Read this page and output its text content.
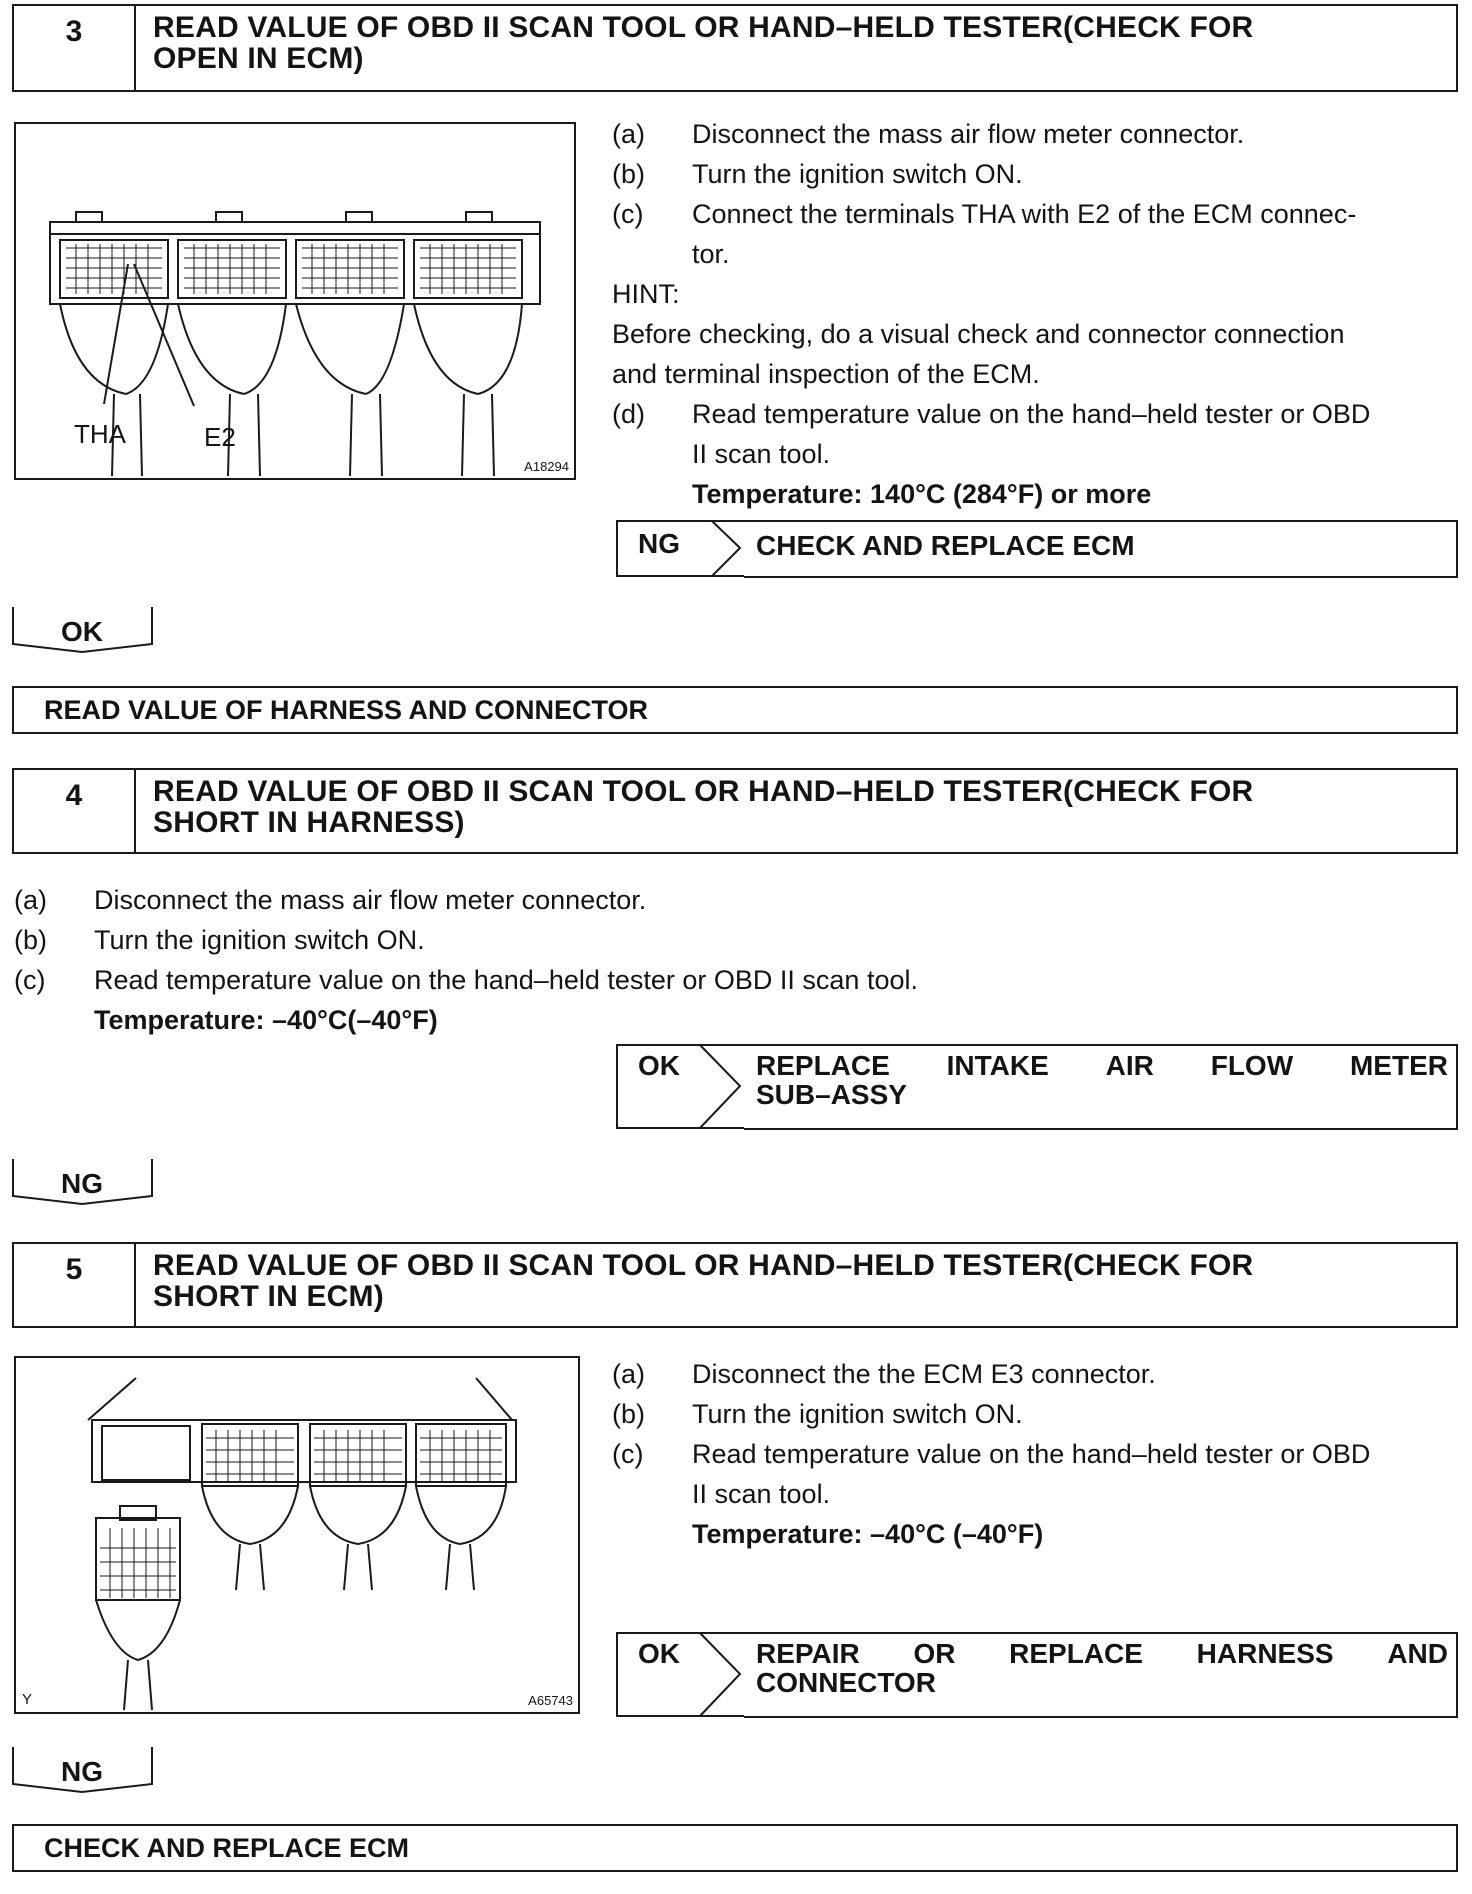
3	READ VALUE OF OBD II SCAN TOOL OR HAND–HELD TESTER(CHECK FOR
OPEN IN ECM)
THA	E2
A18294
(a) Disconnect the mass air flow meter connector.
(b) Turn the ignition switch ON.
(c) Connect the terminals THA with E2 of the ECM connec-
tor.
HINT:
Before checking, do a visual check and connector connection
and terminal inspection of the ECM.
(d) Read temperature value on the hand–held tester or OBD
II scan tool.
Temperature: 140°C (284°F) or more
NG	CHECK AND REPLACE ECM
OK
READ VALUE OF HARNESS AND CONNECTOR
4	READ VALUE OF OBD II SCAN TOOL OR HAND–HELD TESTER(CHECK FOR
SHORT IN HARNESS)
(a) Disconnect the mass air flow meter connector.
(b) Turn the ignition switch ON.
(c) Read temperature value on the hand–held tester or OBD II scan tool.
Temperature: –40°C(–40°F)
OK	REPLACE INTAKE AIR FLOW METER
SUB–ASSY
NG
5	READ VALUE OF OBD II SCAN TOOL OR HAND–HELD TESTER(CHECK FOR
SHORT IN ECM)
Y	A65743
(a) Disconnect the the ECM E3 connector.
(b) Turn the ignition switch ON.
(c) Read temperature value on the hand–held tester or OBD
II scan tool.
Temperature: –40°C (–40°F)
OK	REPAIR OR REPLACE HARNESS AND
CONNECTOR
NG
CHECK AND REPLACE ECM
